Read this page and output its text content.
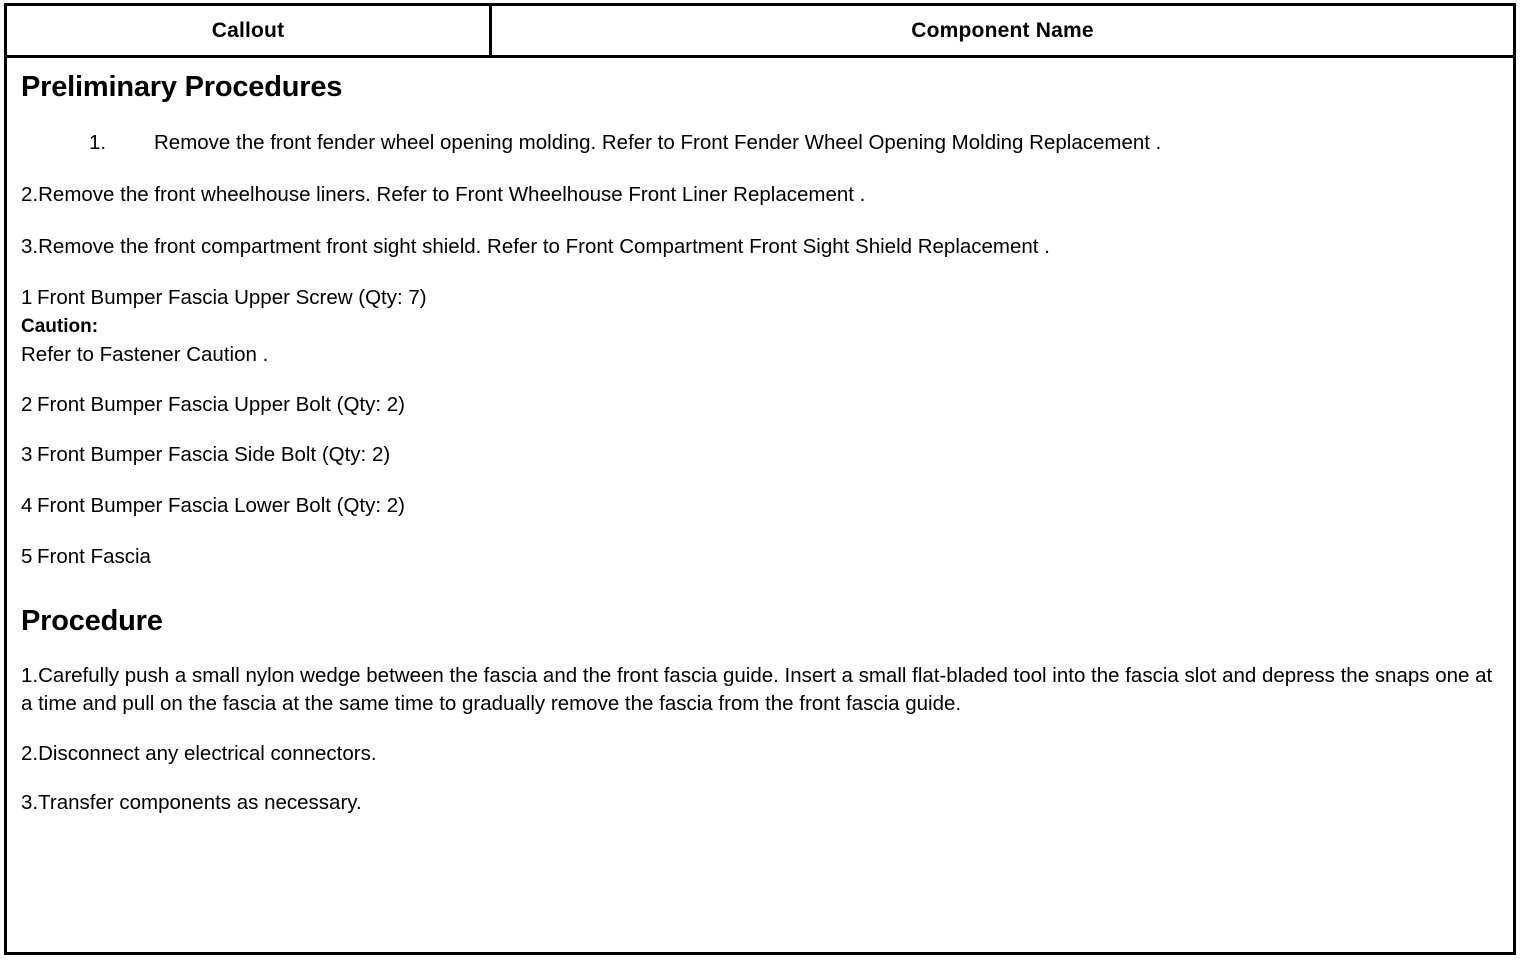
Callout	Component Name
Preliminary Procedures
1.	Remove the front fender wheel opening molding. Refer to Front Fender Wheel Opening Molding Replacement .
2.Remove the front wheelhouse liners. Refer to Front Wheelhouse Front Liner Replacement .
3.Remove the front compartment front sight shield. Refer to Front Compartment Front Sight Shield Replacement .
1 Front Bumper Fascia Upper Screw (Qty: 7)
Caution:
Refer to Fastener Caution .
2 Front Bumper Fascia Upper Bolt (Qty: 2)
3 Front Bumper Fascia Side Bolt (Qty: 2)
4 Front Bumper Fascia Lower Bolt (Qty: 2)
5 Front Fascia
Procedure
1.Carefully push a small nylon wedge between the fascia and the front fascia guide. Insert a small flat-bladed tool into the fascia slot and depress the snaps one at a time and pull on the fascia at the same time to gradually remove the fascia from the front fascia guide.
2.Disconnect any electrical connectors.
3.Transfer components as necessary.
